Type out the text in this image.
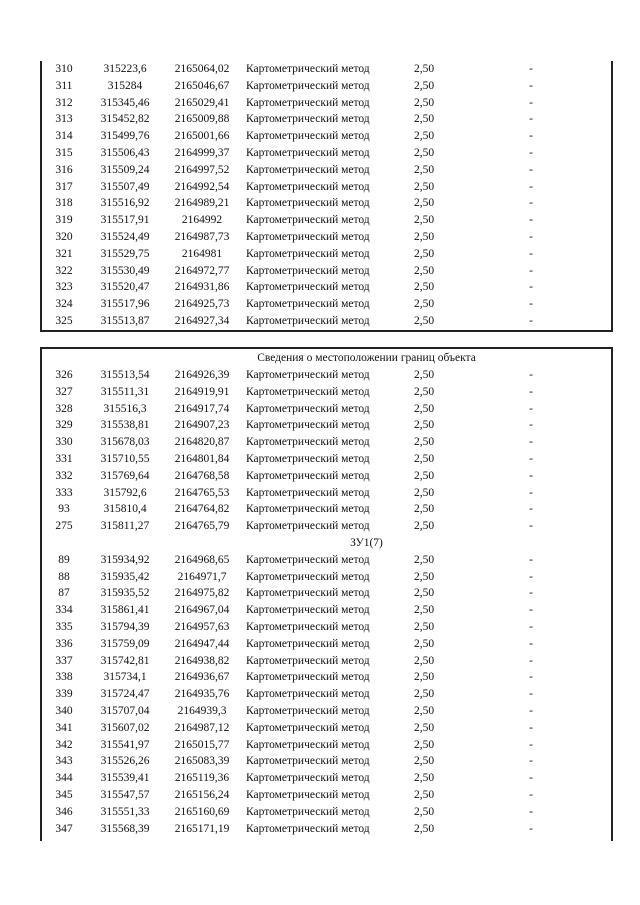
310	315223,6	2165064,02	Картометрический метод	2,50	-
311	315284	2165046,67	Картометрический метод	2,50	-
312	315345,46	2165029,41	Картометрический метод	2,50	-
313	315452,82	2165009,88	Картометрический метод	2,50	-
314	315499,76	2165001,66	Картометрический метод	2,50	-
315	315506,43	2164999,37	Картометрический метод	2,50	-
316	315509,24	2164997,52	Картометрический метод	2,50	-
317	315507,49	2164992,54	Картометрический метод	2,50	-
318	315516,92	2164989,21	Картометрический метод	2,50	-
319	315517,91	2164992	Картометрический метод	2,50	-
320	315524,49	2164987,73	Картометрический метод	2,50	-
321	315529,75	2164981	Картометрический метод	2,50	-
322	315530,49	2164972,77	Картометрический метод	2,50	-
323	315520,47	2164931,86	Картометрический метод	2,50	-
324	315517,96	2164925,73	Картометрический метод	2,50	-
325	315513,87	2164927,34	Картометрический метод	2,50	-
Сведения о местоположении границ объекта
326	315513,54	2164926,39	Картометрический метод	2,50	-
327	315511,31	2164919,91	Картометрический метод	2,50	-
328	315516,3	2164917,74	Картометрический метод	2,50	-
329	315538,81	2164907,23	Картометрический метод	2,50	-
330	315678,03	2164820,87	Картометрический метод	2,50	-
331	315710,55	2164801,84	Картометрический метод	2,50	-
332	315769,64	2164768,58	Картометрический метод	2,50	-
333	315792,6	2164765,53	Картометрический метод	2,50	-
93	315810,4	2164764,82	Картометрический метод	2,50	-
275	315811,27	2164765,79	Картометрический метод	2,50	-
ЗУ1(7)
89	315934,92	2164968,65	Картометрический метод	2,50	-
88	315935,42	2164971,7	Картометрический метод	2,50	-
87	315935,52	2164975,82	Картометрический метод	2,50	-
334	315861,41	2164967,04	Картометрический метод	2,50	-
335	315794,39	2164957,63	Картометрический метод	2,50	-
336	315759,09	2164947,44	Картометрический метод	2,50	-
337	315742,81	2164938,82	Картометрический метод	2,50	-
338	315734,1	2164936,67	Картометрический метод	2,50	-
339	315724,47	2164935,76	Картометрический метод	2,50	-
340	315707,04	2164939,3	Картометрический метод	2,50	-
341	315607,02	2164987,12	Картометрический метод	2,50	-
342	315541,97	2165015,77	Картометрический метод	2,50	-
343	315526,26	2165083,39	Картометрический метод	2,50	-
344	315539,41	2165119,36	Картометрический метод	2,50	-
345	315547,57	2165156,24	Картометрический метод	2,50	-
346	315551,33	2165160,69	Картометрический метод	2,50	-
347	315568,39	2165171,19	Картометрический метод	2,50	-
